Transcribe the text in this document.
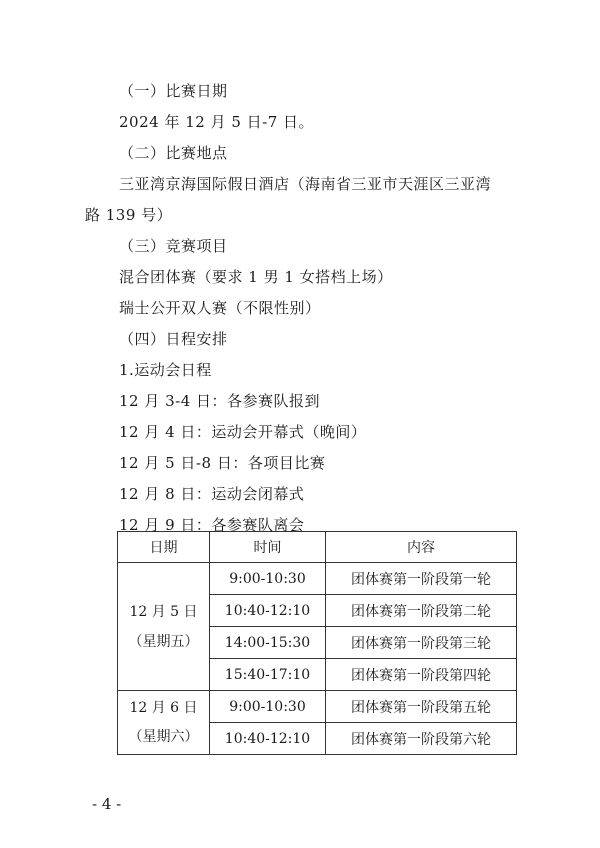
（一）比赛日期
2024 年 12 月 5 日-7 日。
（二）比赛地点
三亚湾京海国际假日酒店（海南省三亚市天涯区三亚湾
路 139 号）
（三）竞赛项目
混合团体赛（要求 1 男 1 女搭档上场）
瑞士公开双人赛（不限性别）
（四）日程安排
1.运动会日程
12 月 3-4 日：各参赛队报到
12 月 4 日：运动会开幕式（晚间）
12 月 5 日-8 日：各项目比赛
12 月 8 日：运动会闭幕式
12 月 9 日：各参赛队离会
日期	时间	内容

12 月 5 日
（星期五）	9:00-10:30	团体赛第一阶段第一轮
	10:40-12:10	团体赛第一阶段第二轮
	14:00-15:30	团体赛第一阶段第三轮
	15:40-17:10	团体赛第一阶段第四轮

12 月 6 日
（星期六）	9:00-10:30	团体赛第一阶段第五轮
	10:40-12:10	团体赛第一阶段第六轮
- 4 -
